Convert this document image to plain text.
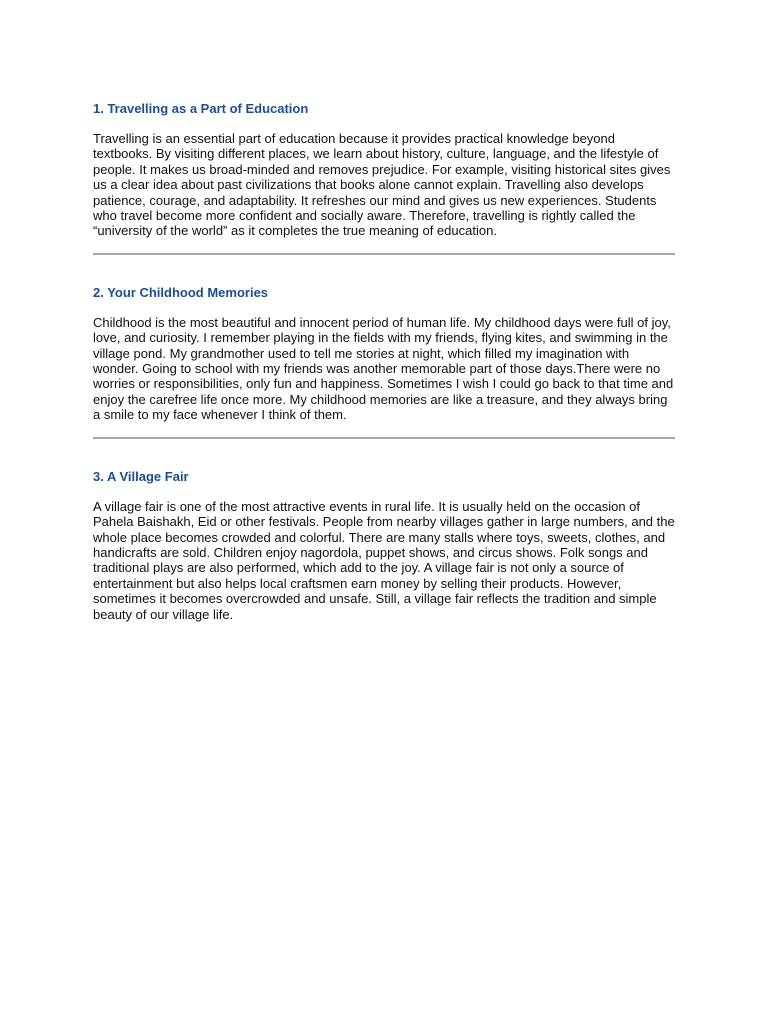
1. Travelling as a Part of Education

Travelling is an essential part of education because it provides practical knowledge beyond textbooks. By visiting different places, we learn about history, culture, language, and the lifestyle of people. It makes us broad-minded and removes prejudice. For example, visiting historical sites gives us a clear idea about past civilizations that books alone cannot explain. Travelling also develops patience, courage, and adaptability. It refreshes our mind and gives us new experiences. Students who travel become more confident and socially aware. Therefore, travelling is rightly called the “university of the world” as it completes the true meaning of education.

2. Your Childhood Memories

Childhood is the most beautiful and innocent period of human life. My childhood days were full of joy, love, and curiosity. I remember playing in the fields with my friends, flying kites, and swimming in the village pond. My grandmother used to tell me stories at night, which filled my imagination with wonder. Going to school with my friends was another memorable part of those days.There were no worries or responsibilities, only fun and happiness. Sometimes I wish I could go back to that time and enjoy the carefree life once more. My childhood memories are like a treasure, and they always bring a smile to my face whenever I think of them.

3. A Village Fair

A village fair is one of the most attractive events in rural life. It is usually held on the occasion of Pahela Baishakh, Eid or other festivals. People from nearby villages gather in large numbers, and the whole place becomes crowded and colorful. There are many stalls where toys, sweets, clothes, and handicrafts are sold. Children enjoy nagordola, puppet shows, and circus shows. Folk songs and traditional plays are also performed, which add to the joy. A village fair is not only a source of entertainment but also helps local craftsmen earn money by selling their products. However, sometimes it becomes overcrowded and unsafe. Still, a village fair reflects the tradition and simple beauty of our village life.
